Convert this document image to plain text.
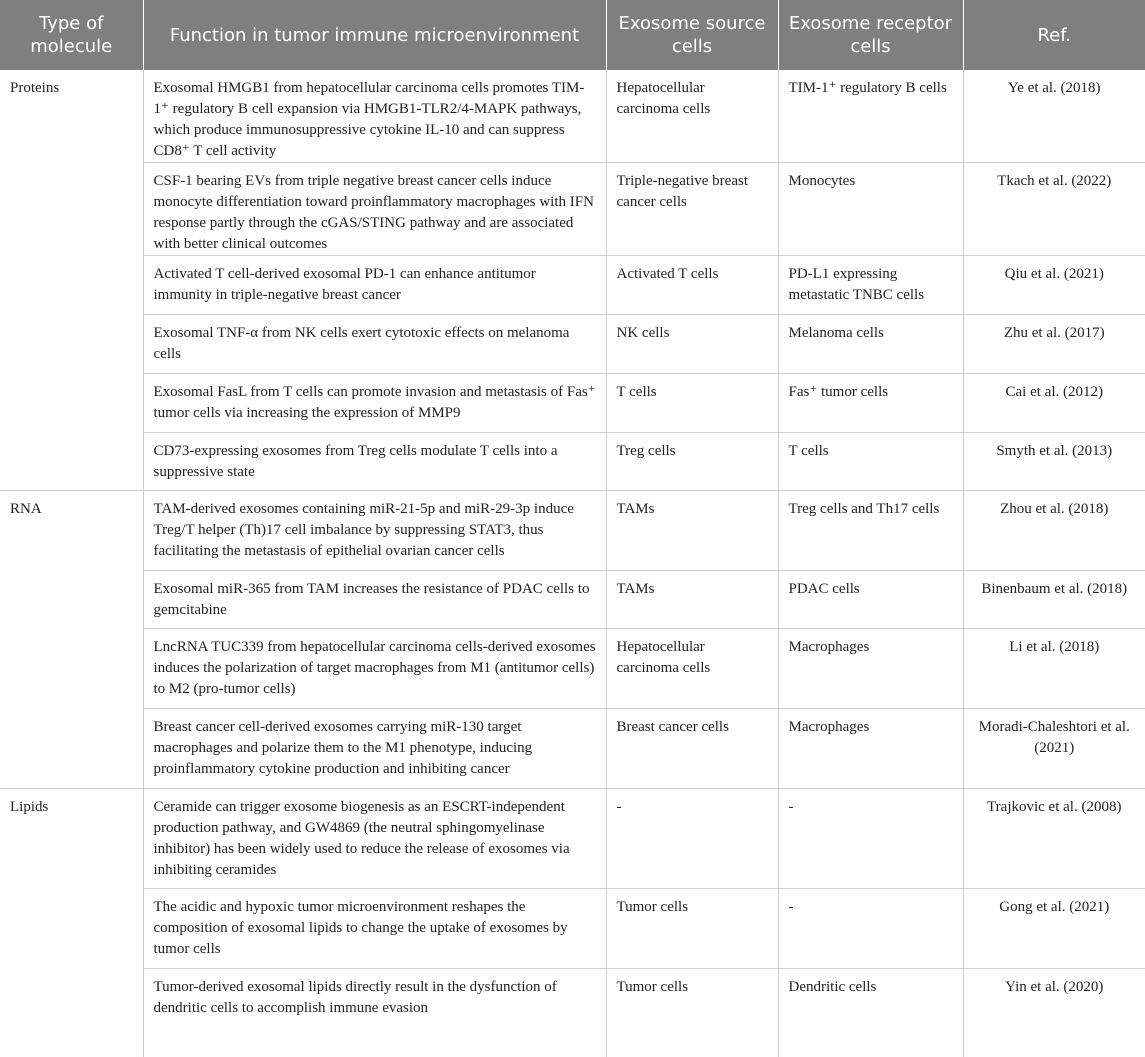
Type of molecule	Function in tumor immune microenvironment	Exosome source cells	Exosome receptor cells	Ref.
Proteins	Exosomal HMGB1 from hepatocellular carcinoma cells promotes TIM-1⁺ regulatory B cell expansion via HMGB1-TLR2/4-MAPK pathways, which produce immunosuppressive cytokine IL-10 and can suppress CD8⁺ T cell activity	Hepatocellular carcinoma cells	TIM-1⁺ regulatory B cells	Ye et al. (2018)
	CSF-1 bearing EVs from triple negative breast cancer cells induce monocyte differentiation toward proinflammatory macrophages with IFN response partly through the cGAS/STING pathway and are associated with better clinical outcomes	Triple-negative breast cancer cells	Monocytes	Tkach et al. (2022)
	Activated T cell-derived exosomal PD-1 can enhance antitumor immunity in triple-negative breast cancer	Activated T cells	PD-L1 expressing metastatic TNBC cells	Qiu et al. (2021)
	Exosomal TNF-α from NK cells exert cytotoxic effects on melanoma cells	NK cells	Melanoma cells	Zhu et al. (2017)
	Exosomal FasL from T cells can promote invasion and metastasis of Fas⁺ tumor cells via increasing the expression of MMP9	T cells	Fas⁺ tumor cells	Cai et al. (2012)
	CD73-expressing exosomes from Treg cells modulate T cells into a suppressive state	Treg cells	T cells	Smyth et al. (2013)
RNA	TAM-derived exosomes containing miR-21-5p and miR-29-3p induce Treg/T helper (Th)17 cell imbalance by suppressing STAT3, thus facilitating the metastasis of epithelial ovarian cancer cells	TAMs	Treg cells and Th17 cells	Zhou et al. (2018)
	Exosomal miR-365 from TAM increases the resistance of PDAC cells to gemcitabine	TAMs	PDAC cells	Binenbaum et al. (2018)
	LncRNA TUC339 from hepatocellular carcinoma cells-derived exosomes induces the polarization of target macrophages from M1 (antitumor cells) to M2 (pro-tumor cells)	Hepatocellular carcinoma cells	Macrophages	Li et al. (2018)
	Breast cancer cell-derived exosomes carrying miR-130 target macrophages and polarize them to the M1 phenotype, inducing proinflammatory cytokine production and inhibiting cancer	Breast cancer cells	Macrophages	Moradi-Chaleshtori et al. (2021)
Lipids	Ceramide can trigger exosome biogenesis as an ESCRT-independent production pathway, and GW4869 (the neutral sphingomyelinase inhibitor) has been widely used to reduce the release of exosomes via inhibiting ceramides	-	-	Trajkovic et al. (2008)
	The acidic and hypoxic tumor microenvironment reshapes the composition of exosomal lipids to change the uptake of exosomes by tumor cells	Tumor cells	-	Gong et al. (2021)
	Tumor-derived exosomal lipids directly result in the dysfunction of dendritic cells to accomplish immune evasion	Tumor cells	Dendritic cells	Yin et al. (2020)
